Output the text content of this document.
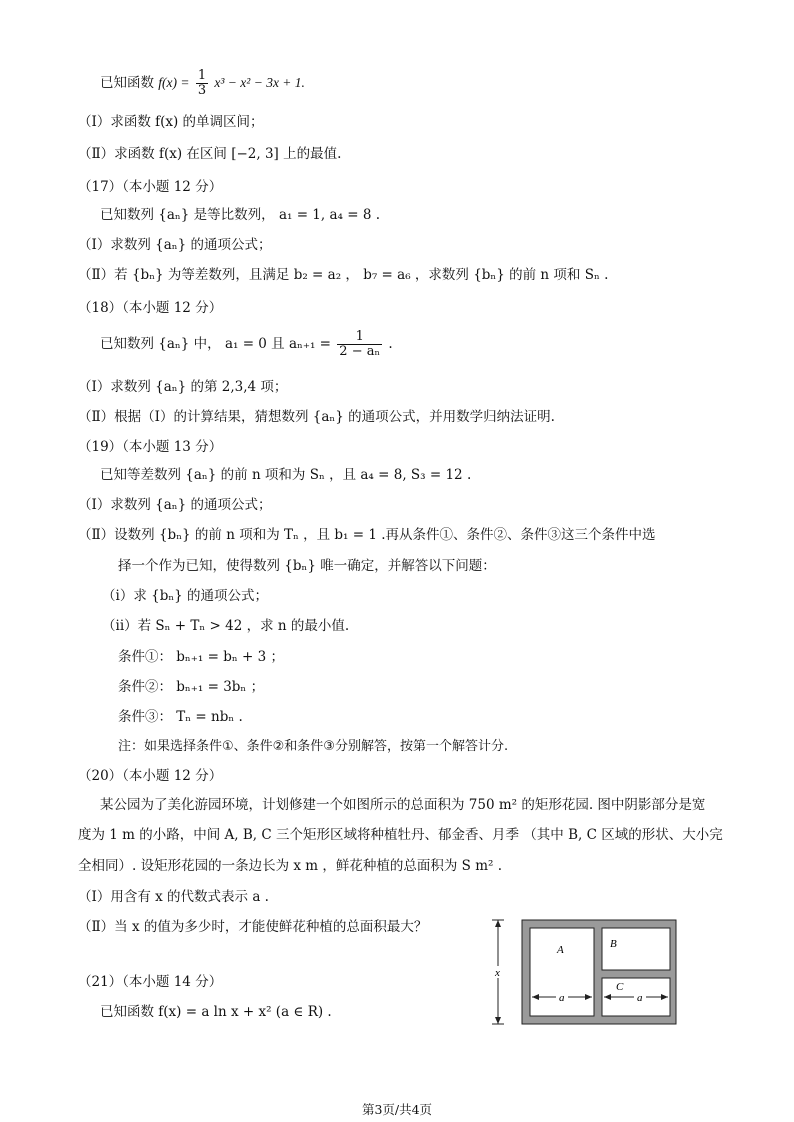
已知函数 $f(x) = \frac{1}{3} x^3 - x^2 - 3x + 1$.
（Ⅰ）求函数 f(x) 的单调区间；
（Ⅱ）求函数 f(x) 在区间 [−2, 3] 上的最值.
（17）（本小题 12 分）
已知数列 {aₙ} 是等比数列， a₁ = 1, a₄ = 8 .
（Ⅰ）求数列 {aₙ} 的通项公式；
（Ⅱ）若 {bₙ} 为等差数列，且满足 b₂ = a₂ ， b₇ = a₆ ，求数列 {bₙ} 的前 n 项和 Sₙ .
（18）（本小题 12 分）
已知数列 {aₙ} 中， a₁ = 0 且 $a_{n+1} = \frac{1}{\text{2 − aₙ}}$ .
（Ⅰ）求数列 {aₙ} 的第 2,3,4 项；
（Ⅱ）根据（Ⅰ）的计算结果，猜想数列 {aₙ} 的通项公式，并用数学归纳法证明.
（19）（本小题 13 分）
已知等差数列 {aₙ} 的前 n 项和为 Sₙ ，且 a₄ = 8, S₃ = 12 .
（Ⅰ）求数列 {aₙ} 的通项公式；
（Ⅱ）设数列 {bₙ} 的前 n 项和为 Tₙ ，且 b₁ = 1 .再从条件①、条件②、条件③这三个条件中选
择一个作为已知，使得数列 {bₙ} 唯一确定，并解答以下问题：
（i）求 {bₙ} 的通项公式；
（ii）若 Sₙ + Tₙ > 42 ，求 n 的最小值.
条件①： bₙ₊₁ = bₙ + 3 ；
条件②： bₙ₊₁ = 3bₙ ；
条件③： Tₙ = nbₙ .
注：如果选择条件①、条件②和条件③分别解答，按第一个解答计分.
（20）（本小题 12 分）
某公园为了美化游园环境，计划修建一个如图所示的总面积为 750 m² 的矩形花园. 图中阴影部分是宽
度为 1 m 的小路，中间 A, B, C 三个矩形区域将种植牡丹、郁金香、月季 （其中 B, C 区域的形状、大小完
全相同）. 设矩形花园的一条边长为 x m ，鲜花种植的总面积为 S m² .
（Ⅰ）用含有 x 的代数式表示 a .
（Ⅱ）当 x 的值为多少时，才能使鲜花种植的总面积最大？
（21）（本小题 14 分）
已知函数 f(x) = a ln x + x² (a ∈ R) .
A	B
C
x
a	a
第3页/共4页
